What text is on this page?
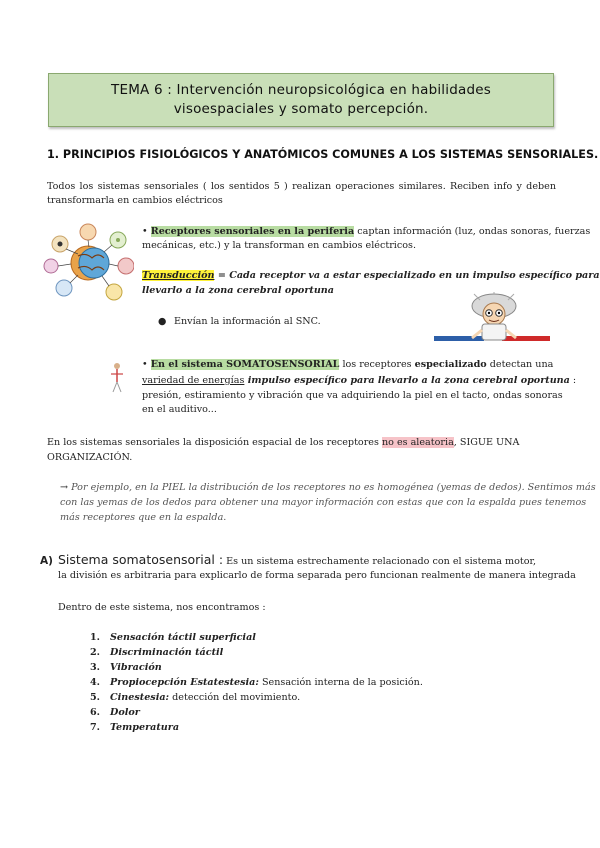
TEMA 6 : Intervención neuropsicológica en habilidades
visoespaciales y somato percepción.
1. PRINCIPIOS FISIOLÓGICOS Y ANATÓMICOS COMUNES A LOS SISTEMAS SENSORIALES.
Todos los sistemas sensoriales ( los sentidos 5 ) realizan operaciones similares. Reciben info y deben
transformarla en cambios eléctricos
• Receptores sensoriales en la periferia captan información (luz, ondas sonoras, fuerzas
mecánicas, etc.) y la transforman en cambios eléctricos.
Transducción = Cada receptor va a estar especializado en un impulso específico para
llevarlo a la zona cerebral oportuna
● Envían la información al SNC.
• En el sistema SOMATOSENSORIAL los receptores especializado detectan una
variedad de energías impulso específico para llevarlo a la zona cerebral oportuna :
presión, estiramiento y vibración que va adquiriendo la piel en el tacto, ondas sonoras
en el auditivo...
En los sistemas sensoriales la disposición espacial de los receptores no es aleatoria, SIGUE UNA
ORGANIZACIÓN.
→ Por ejemplo, en la PIEL la distribución de los receptores no es homogénea (yemas de dedos). Sentimos más
con las yemas de los dedos para obtener una mayor información con estas que con la espalda pues tenemos
más receptores que en la espalda.
A) Sistema somatosensorial : Es un sistema estrechamente relacionado con el sistema motor,
la división es arbitraria para explicarlo de forma separada pero funcionan realmente de manera integrada
Dentro de este sistema, nos encontramos :
1.	Sensación táctil superficial
2.	Discriminación táctil
3.	Vibración
4.	Propiocepción Estatestesia: Sensación interna de la posición.
5.	Cinestesia: detección del movimiento.
6.	Dolor
7.	Temperatura
